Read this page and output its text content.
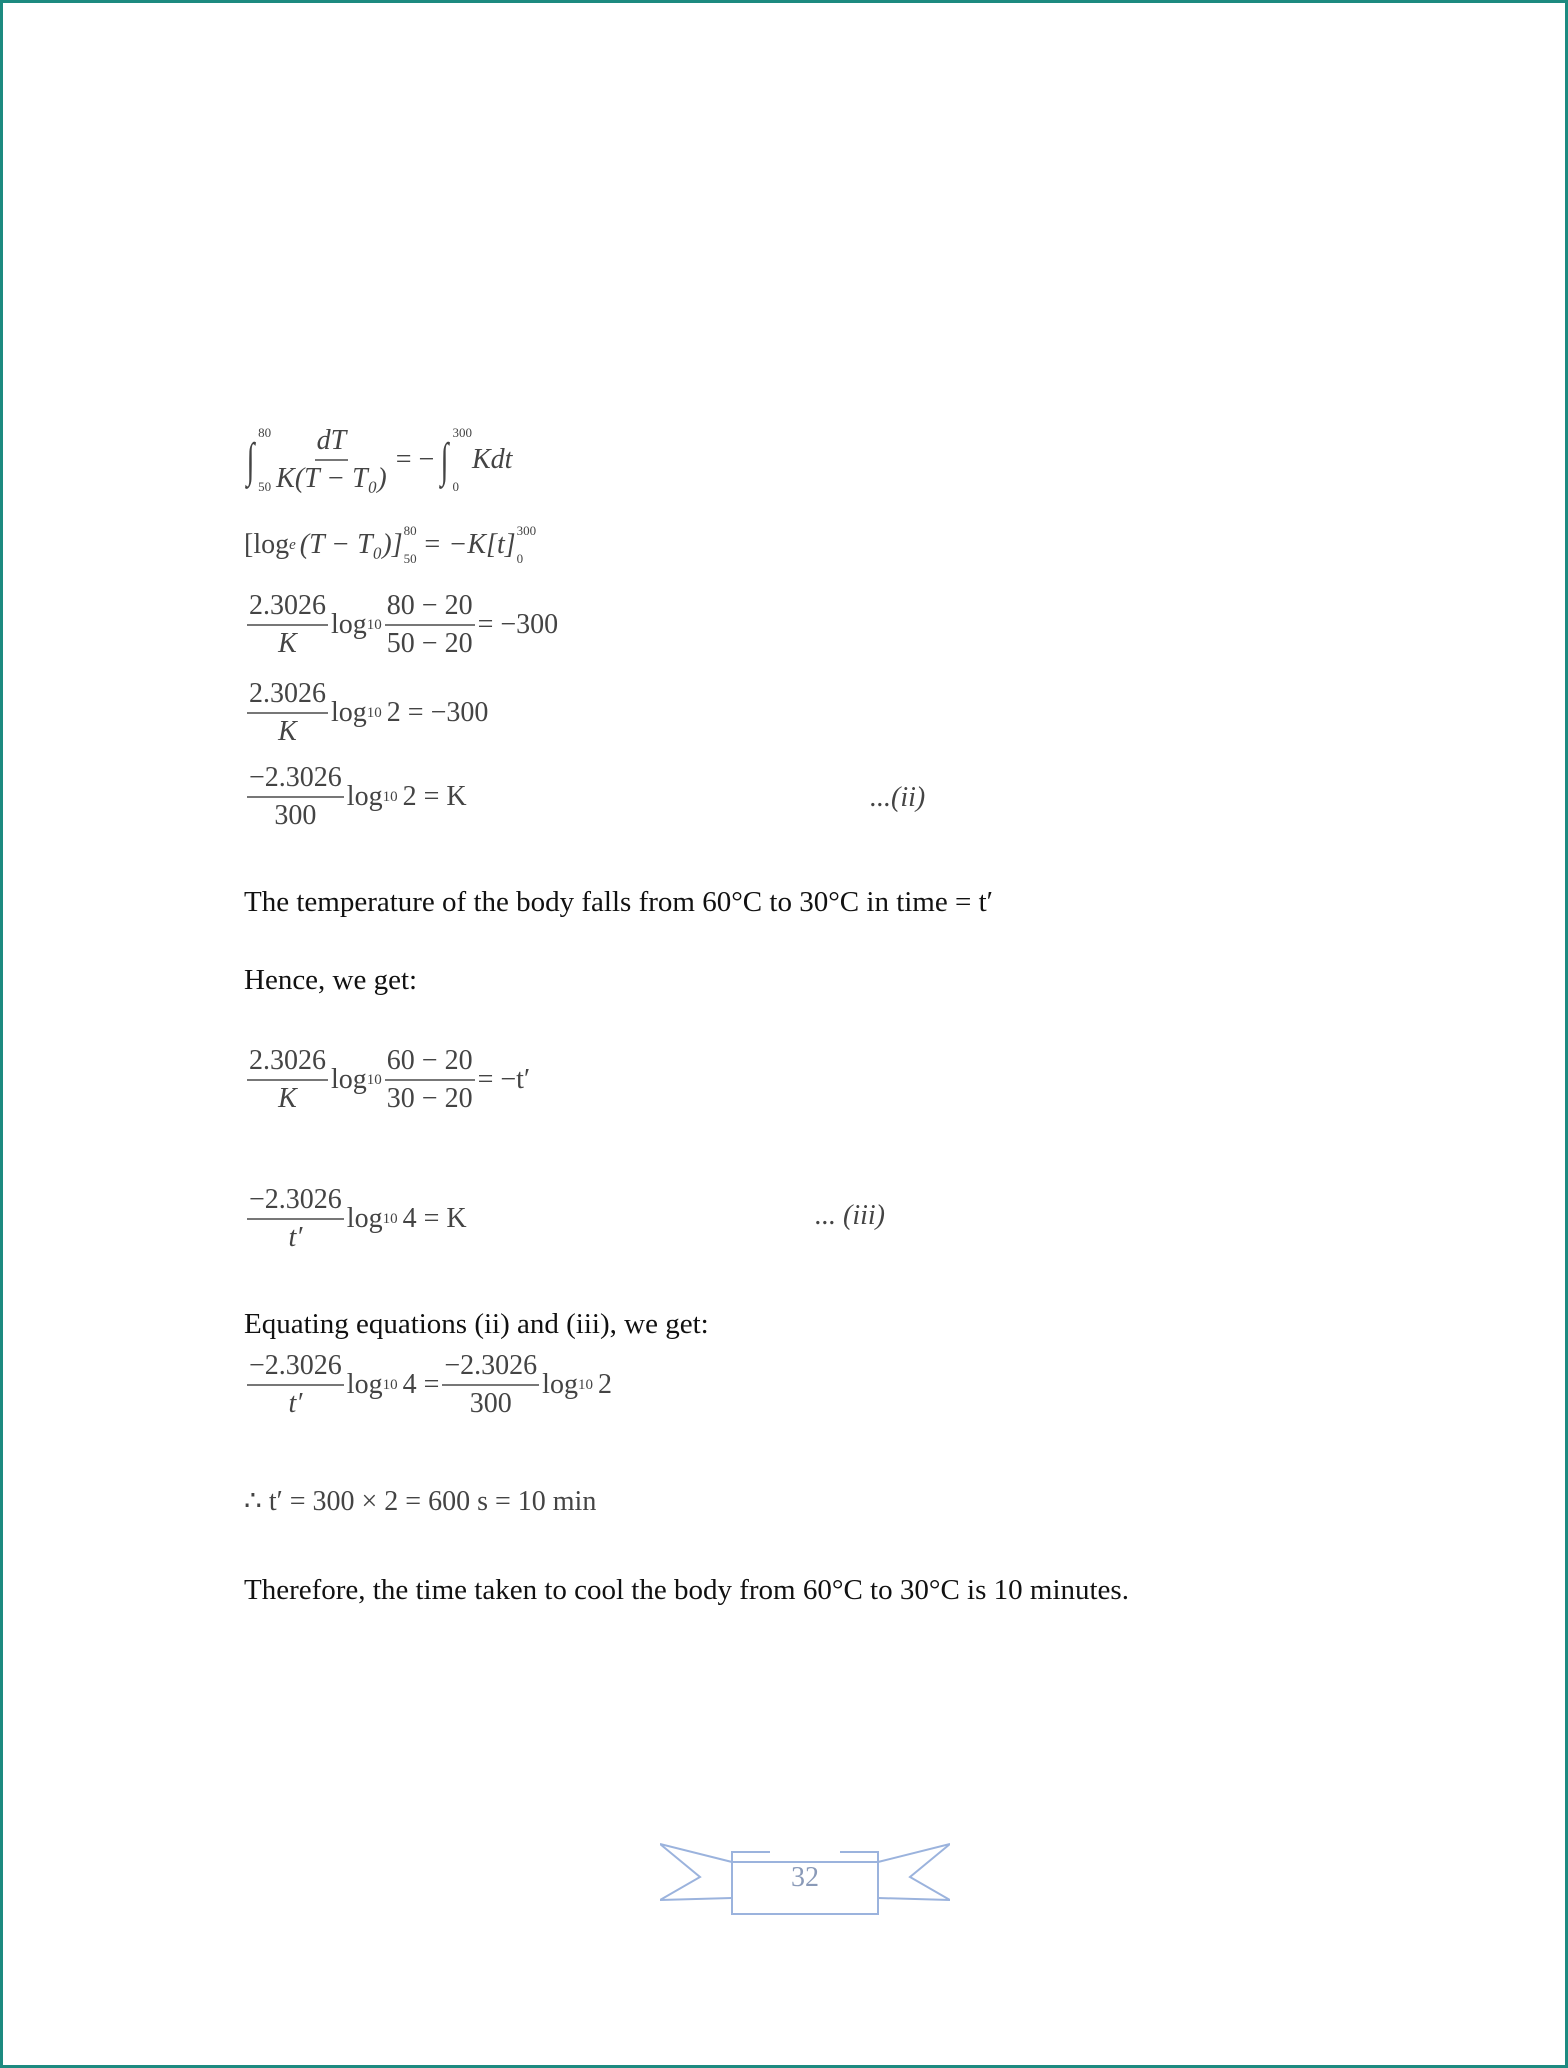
∫
80
$50 \frac{dT}{\text{K(T − T₀)}}$ = − ∫
300
0
Kdt
[log e (T − T₀)] 80
50 = −K[t] 300
0
$\frac{2.3026}{K}$ $\log 10 \frac{80 - 20}{50 - 20} = -300$
$\frac{2.3026}{K}$ log 10 2 = −300
$\frac{-2.3026}{300}$ log 10 2 = K	...(ii)
The temperature of the body falls from 60°C to 30°C in time = t′
Hence, we get:
$\frac{2.3026}{K}$ $\log 10 \frac{60 - 20}{30 - 20} = -t'$
$\frac{-2.3026}{t'}$ log 10 4 = K	... (iii)
Equating equations (ii) and (iii), we get:
$\frac{-2.3026}{t'}$ log 10 $4 = \frac{-2.3026}{300}$ log 10 2
∴ t′ = 300 × 2 = 600 s = 10 min
Therefore, the time taken to cool the body from 60°C to 30°C is 10 minutes.
32
